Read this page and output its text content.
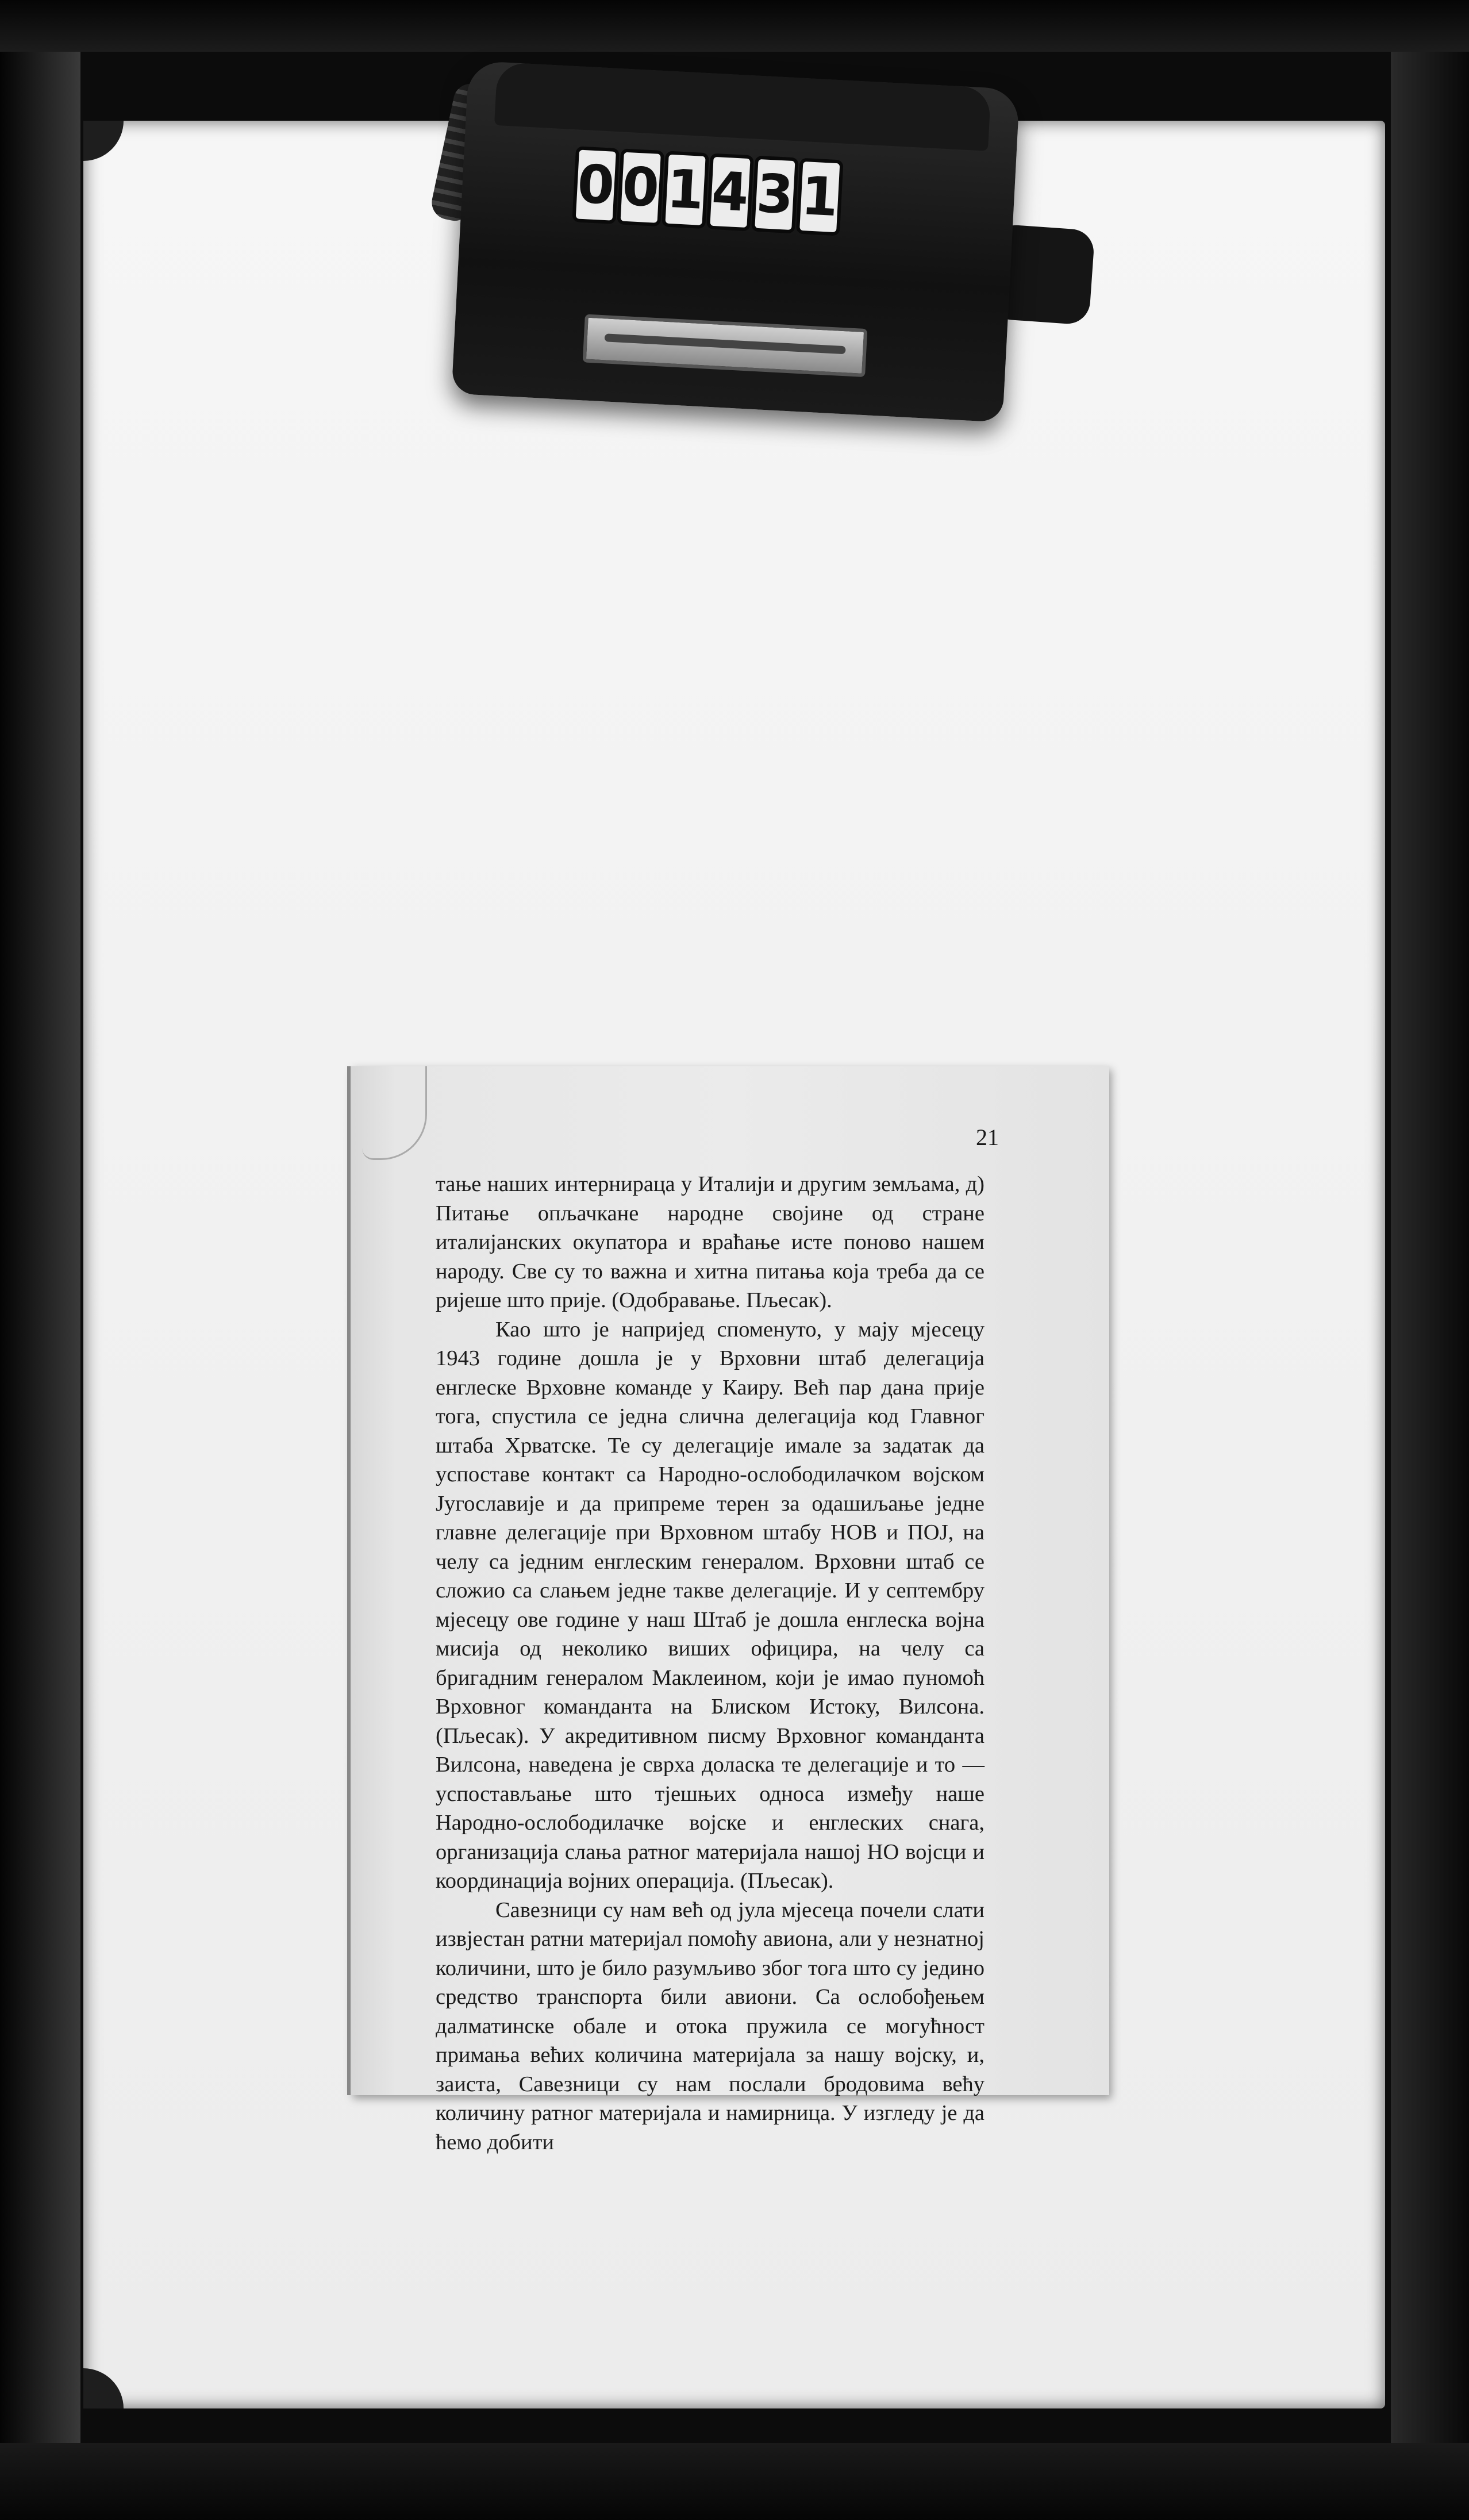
0 0 1 4 3 1
21

тање наших интернираца у Италији и другим земљама, д) Питање опљачкане народне својине од стране италијанских окупатора и враћање исте поново нашем народу. Све су то важна и хитна питања која треба да се ријеше што прије. (Одобравање. Пљесак).

Као што је напријед споменуто, у мају мјесецу 1943 године дошла је у Врховни штаб делегација енглеске Врховне команде у Каиру. Већ пар дана прије тога, спустила се једна слична делегација код Главног штаба Хрватске. Те су делегације имале за задатак да успоставе контакт са Народно-ослободилачком војском Југославије и да припреме терен за одашиљање једне главне делегације при Врховном штабу НОВ и ПОЈ, на челу са једним енглеским генералом. Врховни штаб се сложио са слањем једне такве делегације. И у септембру мјесецу ове године у наш Штаб је дошла енглеска војна мисија од неколико виших официра, на челу са бригадним генералом Маклеином, који је имао пуномоћ Врховног команданта на Блиском Истоку, Вилсона. (Пљесак). У акредитивном писму Врховног команданта Вилсона, наведена је сврха доласка те делегације и то — успостављање што тјешњих односа између наше Народно-ослободилачке војске и енглеских снага, организација слања ратног материјала нашој НО војсци и координација војних операција. (Пљесак).

Савезници су нам већ од јула мјесеца почели слати извјестан ратни материјал помоћу авиона, али у незнатној количини, што је било разумљиво због тога што су једино средство транспорта били авиони. Са ослобођењем далматинске обале и отока пружила се могућност примања већих количина материјала за нашу војску, и, заиста, Савезници су нам послали бродовима већу количину ратног материјала и намирница. У изгледу је да ћемо добити
